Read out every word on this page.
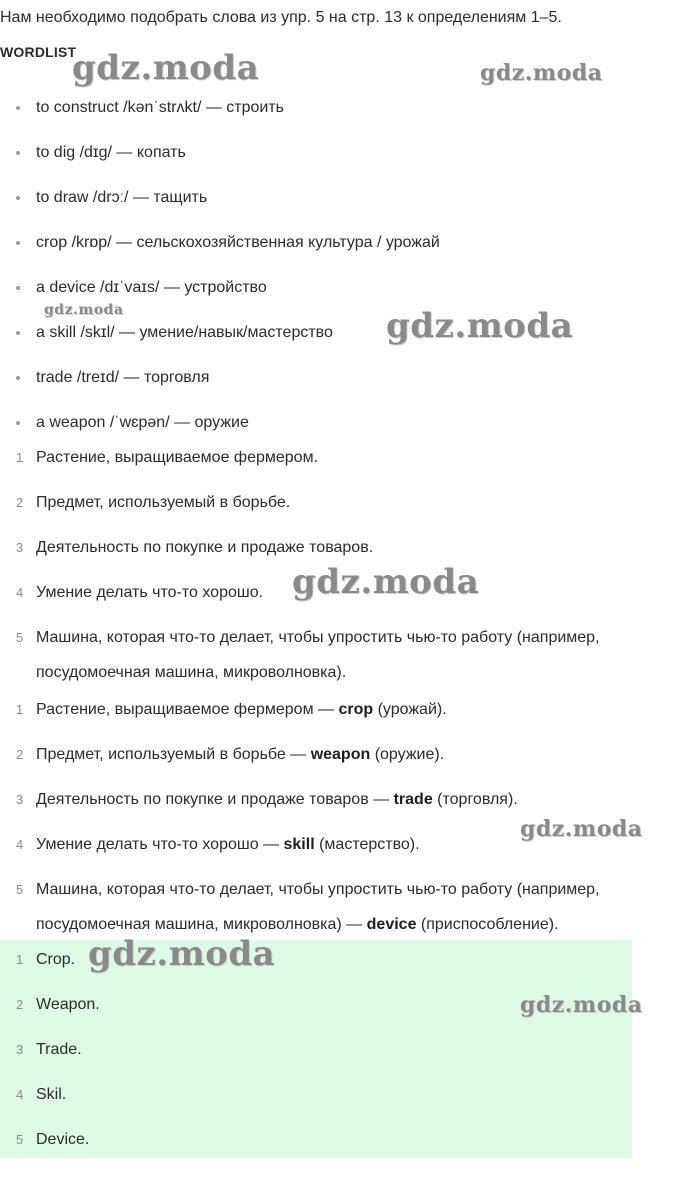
Нам необходимо подобрать слова из упр. 5 на стр. 13 к определениям 1–5.
WORDLIST
to construct /kənˈstrʌkt/ — строить
to dig /dɪɡ/ — копать
to draw /drɔː/ — тащить
crop /krɒp/ — сельскохозяйственная культура / урожай
a device /dɪˈvaɪs/ — устройство
a skill /skɪl/ — умение/навык/мастерство
trade /treɪd/ — торговля
a weapon /ˈwɛpən/ — оружие
1 Растение, выращиваемое фермером.
2 Предмет, используемый в борьбе.
3 Деятельность по покупке и продаже товаров.
4 Умение делать что-то хорошо.
5 Машина, которая что-то делает, чтобы упростить чью-то работу (например, посудомоечная машина, микроволновка).
1 Растение, выращиваемое фермером — crop (урожай).
2 Предмет, используемый в борьбе — weapon (оружие).
3 Деятельность по покупке и продаже товаров — trade (торговля).
4 Умение делать что-то хорошо — skill (мастерство).
5 Машина, которая что-то делает, чтобы упростить чью-то работу (например, посудомоечная машина, микроволновка) — device (приспособление).
1 Crop.
2 Weapon.
3 Trade.
4 Skil.
5 Device.
gdz.moda	gdz.moda
gdz.moda	gdz.moda
gdz.moda
gdz.moda
gdz.moda
gdz.moda
